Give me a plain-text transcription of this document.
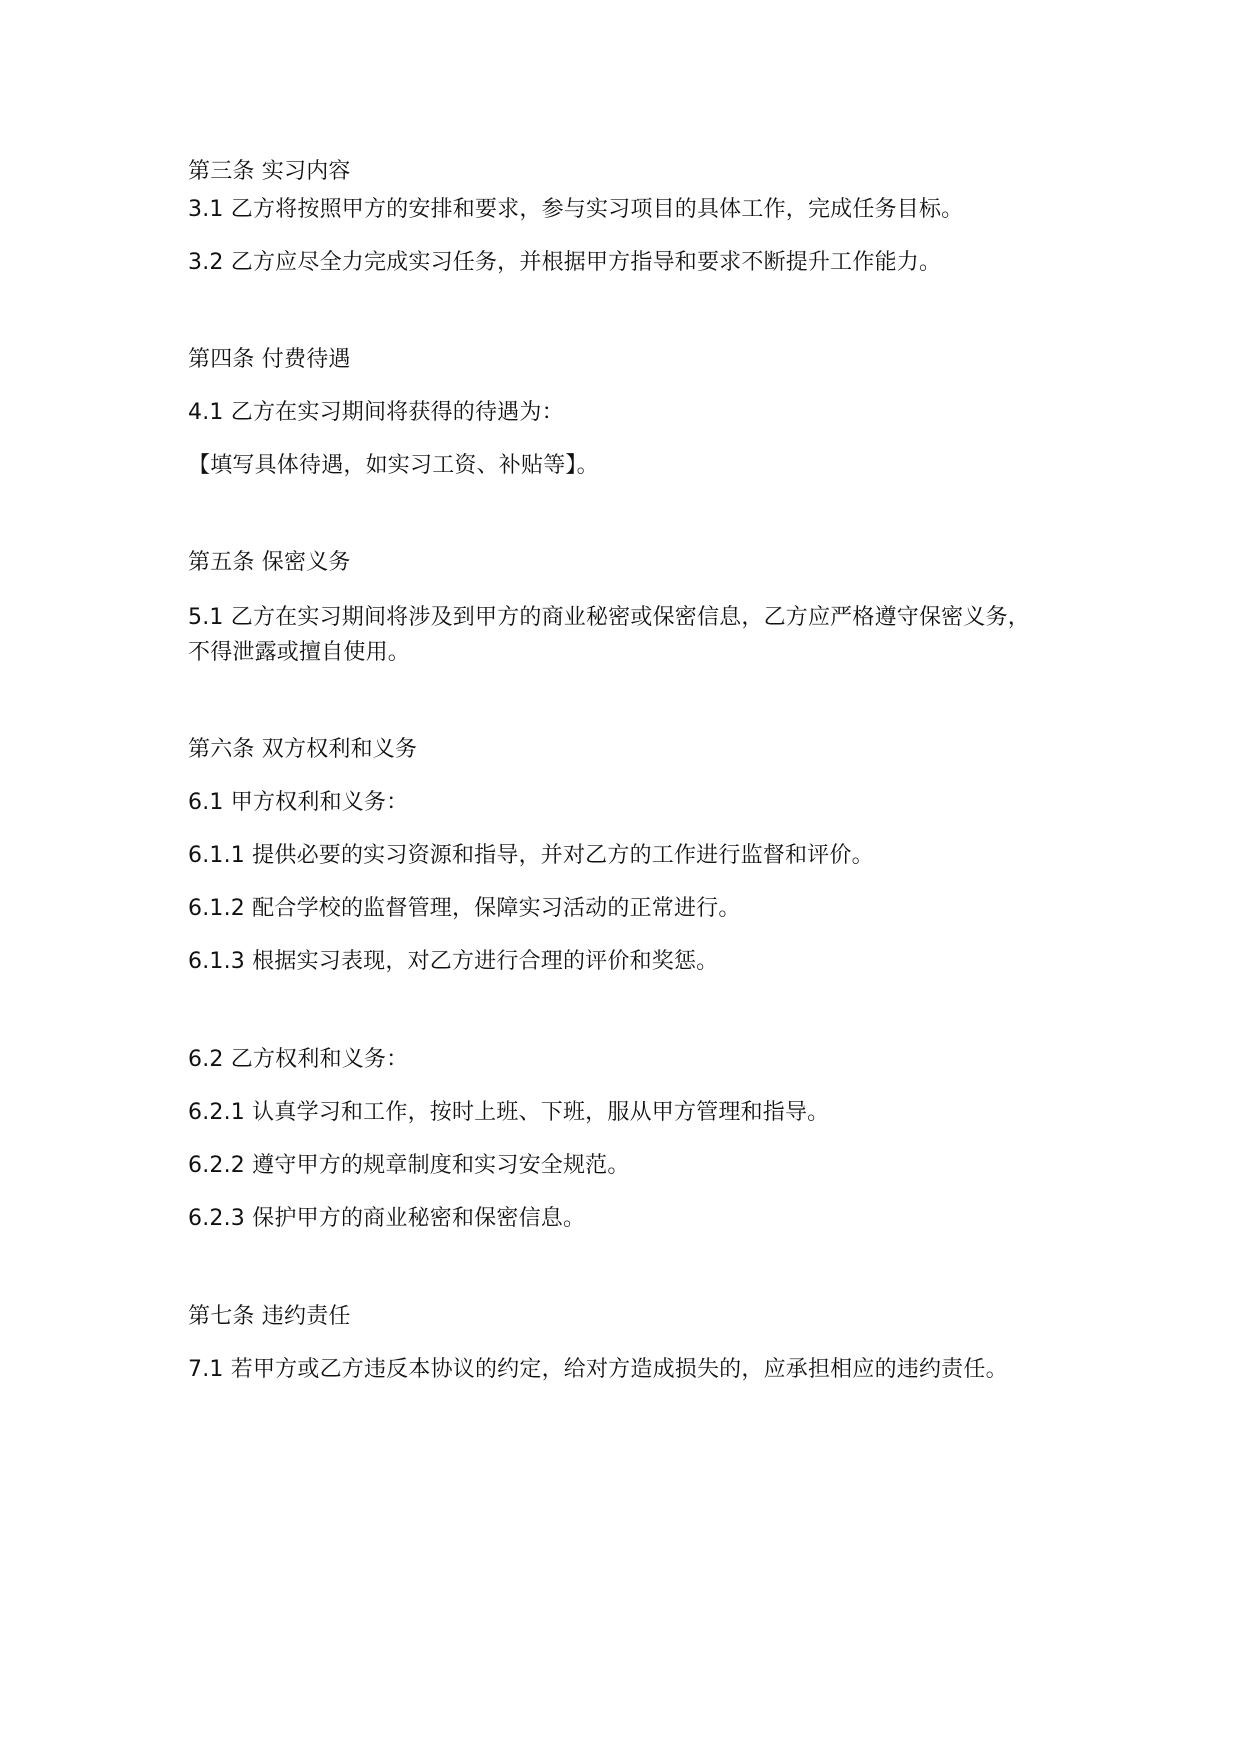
第三条 实习内容
3.1 乙方将按照甲方的安排和要求，参与实习项目的具体工作，完成任务目标。
3.2 乙方应尽全力完成实习任务，并根据甲方指导和要求不断提升工作能力。
第四条 付费待遇
4.1 乙方在实习期间将获得的待遇为：
【填写具体待遇，如实习工资、补贴等】。
第五条 保密义务
5.1 乙方在实习期间将涉及到甲方的商业秘密或保密信息，乙方应严格遵守保密义务，
不得泄露或擅自使用。
第六条 双方权利和义务
6.1 甲方权利和义务：
6.1.1 提供必要的实习资源和指导，并对乙方的工作进行监督和评价。
6.1.2 配合学校的监督管理，保障实习活动的正常进行。
6.1.3 根据实习表现，对乙方进行合理的评价和奖惩。
6.2 乙方权利和义务：
6.2.1 认真学习和工作，按时上班、下班，服从甲方管理和指导。
6.2.2 遵守甲方的规章制度和实习安全规范。
6.2.3 保护甲方的商业秘密和保密信息。
第七条 违约责任
7.1 若甲方或乙方违反本协议的约定，给对方造成损失的，应承担相应的违约责任。
